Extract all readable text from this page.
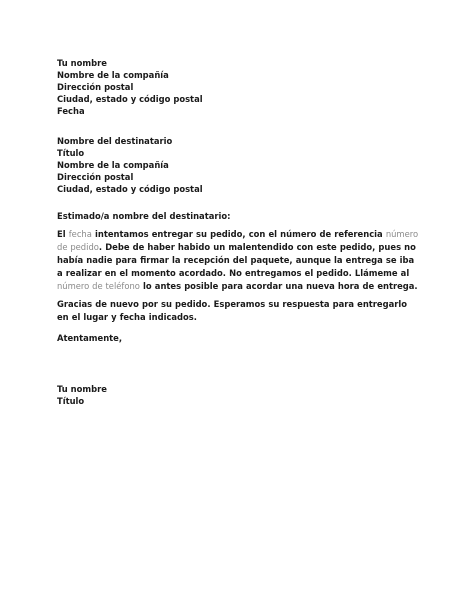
Tu nombre
Nombre de la compañía
Dirección postal
Ciudad, estado y código postal
Fecha
Nombre del destinatario
Título
Nombre de la compañía
Dirección postal
Ciudad, estado y código postal
Estimado/a nombre del destinatario:
El fecha intentamos entregar su pedido, con el número de referencia número de pedido. Debe de haber habido un malentendido con este pedido, pues no había nadie para firmar la recepción del paquete, aunque la entrega se iba a realizar en el momento acordado. No entregamos el pedido. Llámeme al número de teléfono lo antes posible para acordar una nueva hora de entrega.
Gracias de nuevo por su pedido. Esperamos su respuesta para entregarlo en el lugar y fecha indicados.
Atentamente,
Tu nombre
Título
